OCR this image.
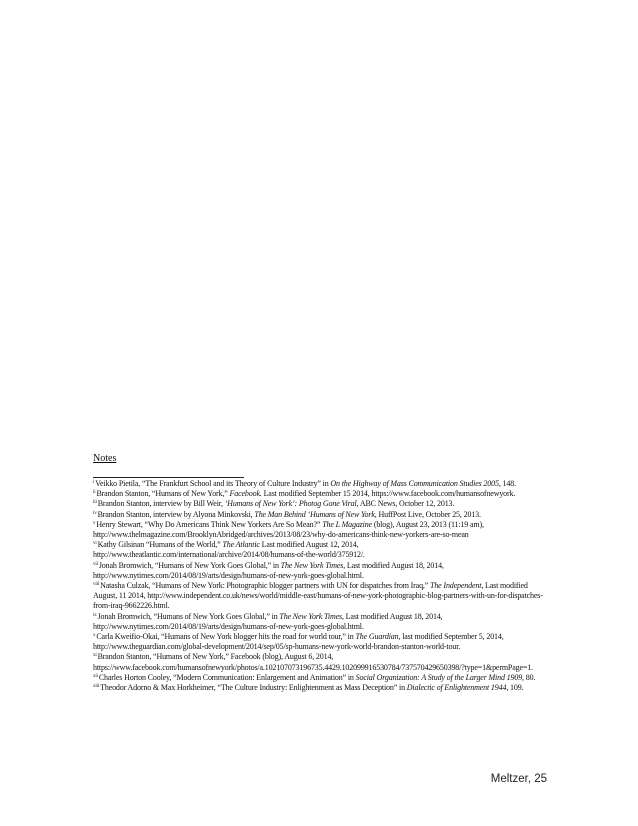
Notes

$^i$Veikko Pietila, “The Frankfurt School and its Theory of Culture Industry” in On the Highway of Mass Communication Studies 2005, 148.

$^{ii}$Brandon Stanton, “Humans of New York,” Facebook. Last modified September 15 2014, https://www.facebook.com/humansofnewyork.

$^{iii}$Brandon Stanton, interview by Bill Weir, ‘Humans of New York’: Photog Gone Viral, ABC News, October 12, 2013.

$^{iv}$Brandon Stanton, interview by Alyona Minkovski, The Man Behind ‘Humans of New York, HuffPost Live, October 25, 2013.

$^v$Henry Stewart, “Why Do Americans Think New Yorkers Are So Mean?” The L Magazine (blog), August 23, 2013 (11:19 am), http://www.thelmagazine.com/BrooklynAbridged/archives/2013/08/23/why-do-americans-think-new-yorkers-are-so-mean

$^{vi}$Kathy Gilsinan “Humans of the World,” The Atlantic Last modified August 12, 2014, http://www.theatlantic.com/international/archive/2014/08/humans-of-the-world/375912/.

$^{vii}$Jonah Bromwich, “Humans of New York Goes Global,” in The New York Times, Last modified August 18, 2014, http://www.nytimes.com/2014/08/19/arts/design/humans-of-new-york-goes-global.html.

$^{viii}$Natasha Culzak, “Humans of New York: Photographic blogger partners with UN for dispatches from Iraq,” The Independent, Last modified August, 11 2014, http://www.independent.co.uk/news/world/middle-east/humans-of-new-york-photographic-blog-partners-with-un-for-dispatches-from-iraq-9662226.html.

$^{ix}$Jonah Bromwich, “Humans of New York Goes Global,” in The New York Times, Last modified August 18, 2014, http://www.nytimes.com/2014/08/19/arts/design/humans-of-new-york-goes-global.html.

$^x$Carla Kweifio-Okai, “Humans of New York blogger hits the road for world tour,” in The Guardian, last modified September 5, 2014, http://www.theguardian.com/global-development/2014/sep/05/sp-humans-new-york-world-brandon-stanton-world-tour.

$^{xi}$Brandon Stanton, “Humans of New York,” Facebook (blog), August 6, 2014, https://www.facebook.com/humansofnewyork/photos/a.102107073196735.4429.102099916530784/737570429650398/?type=1&permPage=1.

$^{xii}$Charles Horton Cooley, “Modern Communication: Enlargement and Animation” in Social Organization: A Study of the Larger Mind 1909, 80.

$^{xiii}$Theodor Adorno & Max Horkheimer, “The Culture Industry: Enlightenment as Mass Deception” in Dialectic of Enlightenment 1944, 109.

Meltzer, 25
